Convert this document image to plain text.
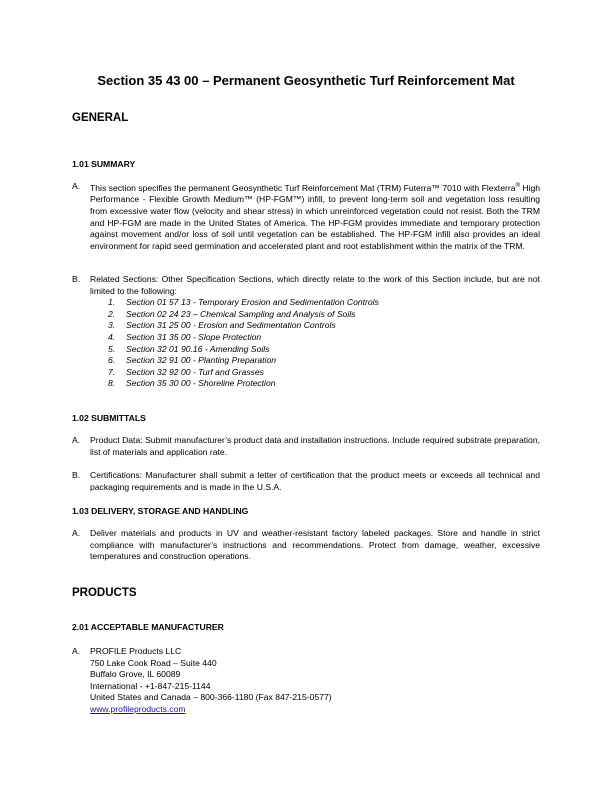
Section 35 43 00 – Permanent Geosynthetic Turf Reinforcement Mat
GENERAL
1.01 SUMMARY
A. This section specifies the permanent Geosynthetic Turf Reinforcement Mat (TRM) Futerra™ 7010 with Flexterra® High Performance - Flexible Growth Medium™ (HP-FGM™) infill, to prevent long-term soil and vegetation loss resulting from excessive water flow (velocity and shear stress) in which unreinforced vegetation could not resist. Both the TRM and HP-FGM are made in the United States of America. The HP-FGM provides immediate and temporary protection against movement and/or loss of soil until vegetation can be established. The HP-FGM infill also provides an ideal environment for rapid seed germination and accelerated plant and root establishment within the matrix of the TRM.
B. Related Sections: Other Specification Sections, which directly relate to the work of this Section include, but are not limited to the following:
1. Section 01 57 13 - Temporary Erosion and Sedimentation Controls
2. Section 02 24 23 – Chemical Sampling and Analysis of Soils
3. Section 31 25 00 - Erosion and Sedimentation Controls
4. Section 31 35 00 - Slope Protection
5. Section 32 01 90.16 - Amending Soils
6. Section 32 91 00 - Planting Preparation
7. Section 32 92 00 - Turf and Grasses
8. Section 35 30 00 - Shoreline Protection
1.02 SUBMITTALS
A. Product Data: Submit manufacturer’s product data and installation instructions. Include required substrate preparation, list of materials and application rate.
B. Certifications: Manufacturer shall submit a letter of certification that the product meets or exceeds all technical and packaging requirements and is made in the U.S.A.
1.03 DELIVERY, STORAGE AND HANDLING
A. Deliver materials and products in UV and weather-resistant factory labeled packages. Store and handle in strict compliance with manufacturer’s instructions and recommendations. Protect from damage, weather, excessive temperatures and construction operations.
PRODUCTS
2.01 ACCEPTABLE MANUFACTURER
A. PROFILE Products LLC
750 Lake Cook Road – Suite 440
Buffalo Grove, IL 60089
International - +1-847-215-1144
United States and Canada – 800-366-1180 (Fax 847-215-0577)
www.profileproducts.com
